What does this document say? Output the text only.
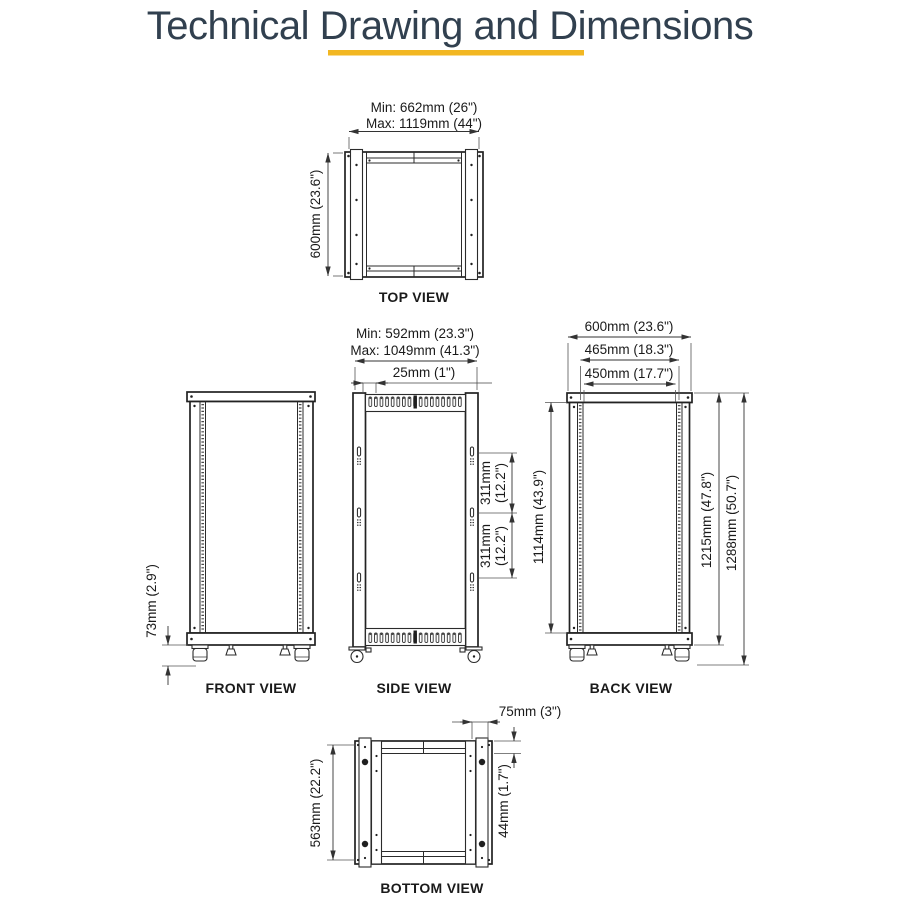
Technical Drawing and Dimensions
Min: 662mm (26")
Max: 1119mm (44")
600mm (23.6")
TOP VIEW
73mm (2.9")
FRONT VIEW
Min: 592mm (23.3")
Max: 1049mm (41.3")
25mm (1")
311mm (12.2")
311mm (12.2")
SIDE VIEW
600mm (23.6")
465mm (18.3")
450mm (17.7")
1114mm (43.9")	1215mm (47.8") 1288mm (50.7")
BACK VIEW
75mm (3")
563mm (22.2")	44mm (1.7")
BOTTOM VIEW
